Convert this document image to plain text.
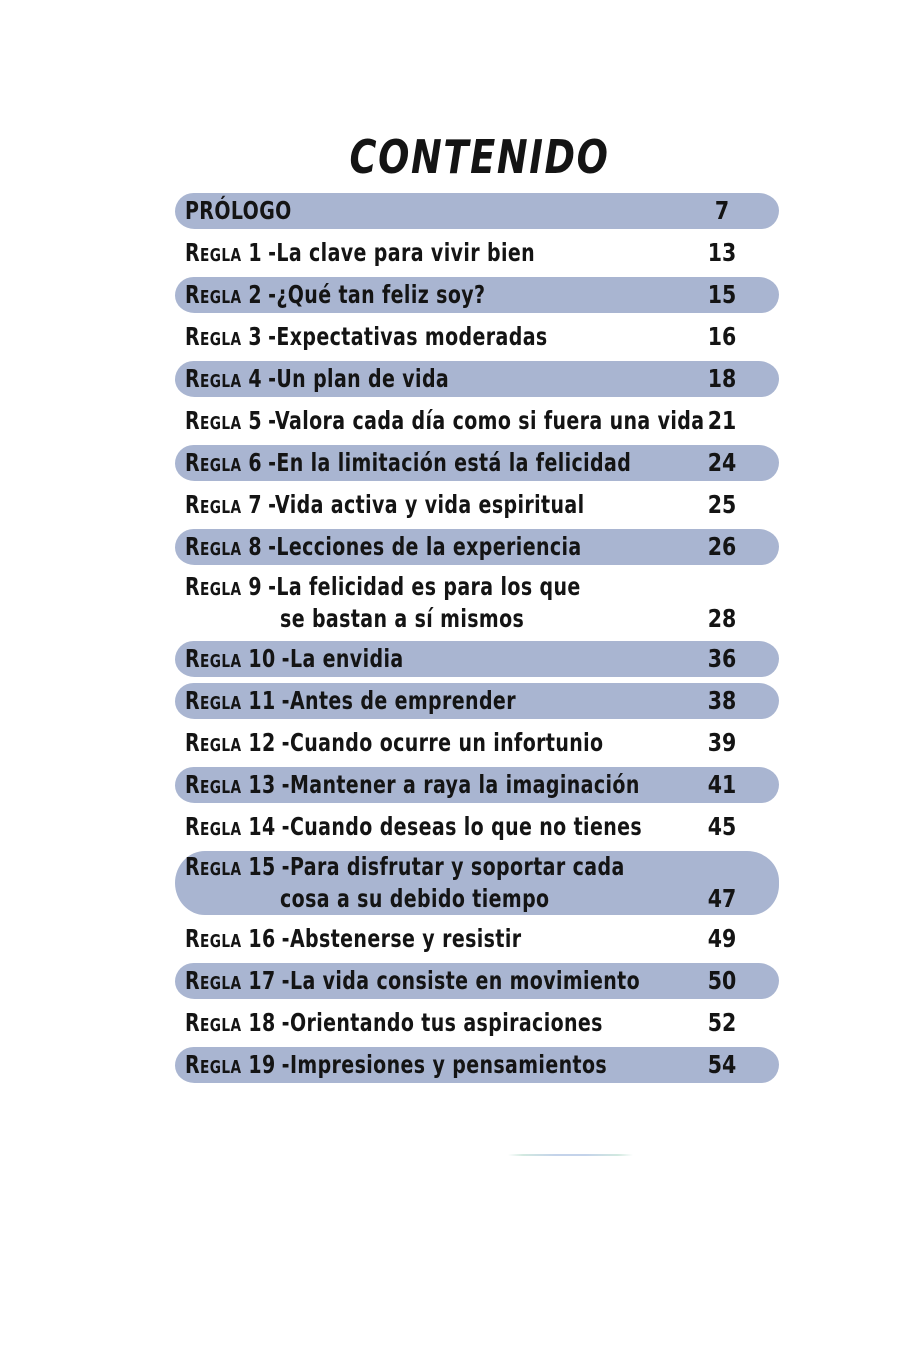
CONTENIDO
PRÓLOGO	7
Regla 1 -La clave para vivir bien	13
Regla 2 -¿Qué tan feliz soy?	15
Regla 3 -Expectativas moderadas	16
Regla 4 -Un plan de vida	18
Regla 5 -Valora cada día como si fuera una vida 21
Regla 6 -En la limitación está la felicidad	24
Regla 7 -Vida activa y vida espiritual	25
Regla 8 -Lecciones de la experiencia	26
Regla 9 -La felicidad es para los que
se bastan a sí mismos	28
Regla 10 -La envidia	36
Regla 11 -Antes de emprender	38
Regla 12 -Cuando ocurre un infortunio	39
Regla 13 -Mantener a raya la imaginación	41
Regla 14 -Cuando deseas lo que no tienes	45
Regla 15 -Para disfrutar y soportar cada
cosa a su debido tiempo	47
Regla 16 -Abstenerse y resistir	49
Regla 17 -La vida consiste en movimiento	50
Regla 18 -Orientando tus aspiraciones	52
Regla 19 -Impresiones y pensamientos	54
